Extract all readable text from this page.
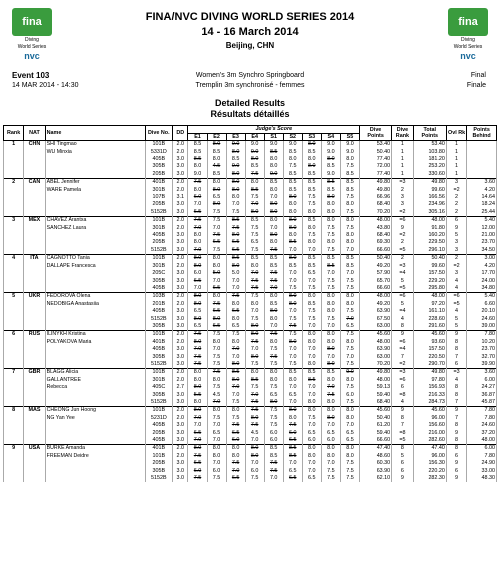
fina
Diving
World Series
nvc
fina
Diving
World Series
nvc
FINA/NVC DIVING WORLD SERIES 2014
14 - 16 March 2014
Beijing, CHN
Event 103
14 MAR 2014 - 14:30
Women's 3m Synchro Springboard
Tremplin 3m synchronisé - femmes
Final
Finale
Detailed Results
Résultats détaillés
Rank	NAT	Name	Dive No.	DD	Judge's Score									Dive Points	Dive Rank	Total Points	Ovl Rk	Points Behind
					E1	E2	E3	E4	S1	S2	S3	S4	S5					
1	CHN	SHI Tingmao	101B	2.0	8.5	8.0	9.0	9.0	9.0	9.0	8.0	9.0	9.0	53.40	1	53.40	1	
		WU Minxia	5331D	2.0	8.5	8.5	8.0	9.0	8.5	8.5	8.5	9.0	9.0	50.40	1	103.80	1	
			405B	3.0	8.5	8.0	8.5	8.0	8.0	8.0	8.0	8.0	8.0	77.40	1	181.20	1	
			305B	3.0	8.0	4.5	9.0	8.5	8.0	7.5	8.0	8.5	7.5	72.00	1	253.20	1	
			205B	3.0	9.0	8.5	8.0	7.5	9.0	8.5	8.5	9.0	8.5	77.40	1	330.60	1	
2	CAN	ABEL Jennifer	401B	2.0	7.5	8.0	8.0	8.0	8.5	8.5	8.5	8.5	8.5	49.80	=3	49.80	3	3.60
		WARE Pamela	301B	2.0	8.0	8.0	8.0	8.5	8.0	8.5	8.5	8.5	8.5	49.80	2	99.60	=2	4.20
			107B	3.1	6.0	6.5	8.0	7.5	7.0	8.0	7.5	8.0	7.5	66.96	3	166.56	2	14.64
			205B	3.0	7.0	8.0	7.0	7.0	8.0	8.0	7.5	8.0	8.0	68.40	3	234.96	2	18.24
			5152B	3.0	6.5	7.5	7.5	8.0	8.0	8.0	8.0	8.0	7.5	70.20	=2	305.16	2	25.44
3	MEX	CHAVEZ Arantxa	101B	2.0	7.5	7.5	8.5	8.5	8.0	8.0	8.5	8.0	8.0	48.00	=6	48.00	6	5.40
		SANCHEZ Laura	301B	2.0	7.0	7.0	7.5	7.5	7.0	8.0	8.0	7.5	7.5	43.80	9	91.80	9	12.00
			405B	3.0	8.0	7.5	8.0	7.5	8.0	8.0	7.5	7.5	8.0	68.40	=2	160.20	5	21.00
			205B	3.0	8.0	6.5	6.5	6.5	8.0	8.5	8.0	8.0	8.0	69.30	2	229.50	3	23.70
			5152B	3.0	7.0	7.5	6.5	7.5	7.5	7.0	7.0	7.5	7.0	66.60	=5	296.10	3	34.50
4	ITA	CAGNOTTO Tania	101B	2.0	8.0	8.0	8.5	8.5	8.5	8.0	8.5	8.5	8.5	50.40	2	50.40	2	3.00
		DALLAPE Francesca	301B	2.0	8.0	8.0	8.0	8.0	8.5	8.5	8.5	8.5	8.5	49.20	=3	99.60	=2	4.20
			205C	3.0	6.0	5.0	5.0	7.0	7.5	7.0	6.5	7.0	7.0	57.90	=4	157.50	3	17.70
			305B	3.0	6.5	7.0	7.0	7.5	7.5	7.0	7.0	7.5	7.5	65.70	5	229.20	4	24.00
			405B	3.0	7.0	6.5	7.0	7.5	7.0	7.5	7.5	7.5	7.5	66.60	=5	295.80	4	34.80
5	UKR	FEDOROVA Olena	103B	2.0	8.0	8.0	7.5	7.5	8.0	8.0	8.0	8.0	8.0	48.00	=6	48.00	=6	5.40
		NEDOBIGA Anastasiia	201B	2.0	8.0	7.5	8.0	8.0	8.5	8.0	8.5	8.0	8.0	49.20	5	97.20	=5	6.60
			405B	3.0	6.5	6.5	6.5	7.0	8.0	7.0	7.5	8.0	7.5	63.90	=4	161.10	4	20.10
			5152B	3.0	8.0	8.0	8.0	7.5	8.0	7.5	7.5	7.5	7.0	67.50	4	228.60	5	24.60
			305B	3.0	6.5	6.5	6.5	8.0	7.0	7.5	7.0	7.0	6.5	63.00	8	291.60	5	39.00
6	RUS	ILINYKH Kristina	101B	2.0	7.5	7.5	7.5	8.0	7.5	7.5	8.0	8.0	7.5	45.60	9	45.60	9	7.80
		POLYAKOVA Maria	401B	2.0	8.0	8.0	8.0	7.5	8.0	8.0	8.0	8.0	8.0	48.00	=6	93.60	8	10.20
			405B	3.0	7.0	7.0	7.0	7.0	7.5	7.0	7.0	8.0	7.5	63.90	=4	157.50	8	23.70
			305B	3.0	7.5	7.5	7.0	8.0	7.5	7.0	7.0	7.0	7.0	63.00	7	220.50	7	32.70
			5152B	3.0	7.5	7.5	8.0	7.5	7.5	7.5	8.0	8.0	7.5	70.20	=2	290.70	6	39.90
7	GBR	BLAGG Alicia	101B	2.0	8.0	7.5	8.5	8.0	8.0	8.5	8.5	8.5	9.0	49.80	=3	49.80	=3	3.60
		GALLANTREE	301B	2.0	8.0	8.0	8.0	8.5	8.0	8.0	8.5	8.0	8.0	48.00	=6	97.80	4	6.00
		Rebecca	405C	2.7	8.0	7.5	7.0	7.5	7.5	7.0	7.0	7.0	7.5	59.13	6	156.93	8	24.27
			305B	3.0	5.5	4.5	7.0	7.0	6.5	6.5	7.0	7.5	6.0	59.40	=8	216.33	8	36.87
			5152B	3.0	8.0	7.0	7.5	7.5	8.0	7.0	8.0	8.0	7.5	68.40	4	284.73	7	45.87
8	MAS	CHEONG Jun Hoong	101B	2.0	8.0	8.0	8.0	7.5	7.5	8.0	8.0	8.0	8.0	45.60	9	45.60	9	7.80
		NG Yan Yee	5231D	2.0	7.0	7.5	7.5	8.0	7.5	8.0	7.5	8.0	8.0	50.40	8	96.00	7	7.80
			405B	3.0	7.0	7.0	7.5	7.5	7.5	7.5	7.0	7.0	7.0	61.20	7	156.60	8	24.60
			205B	3.0	6.5	6.5	6.5	4.5	6.0	6.0	6.5	6.5	6.5	59.40	=8	216.00	9	37.20
			405B	3.0	7.0	7.0	6.0	7.0	6.0	6.5	6.0	6.0	6.5	66.60	=5	282.60	8	48.00
9	USA	BURKE Amanda	401B	2.0	8.0	8.0	8.0	8.0	8.5	8.5	8.0	8.0	8.0	47.40	8	47.40	8	6.00
		FREEMAN Deidre	101B	2.0	7.5	8.0	8.0	8.0	8.5	8.5	8.0	8.0	8.0	48.60	5	96.00	6	7.80
			205B	3.0	6.5	7.0	7.5	7.0	7.5	7.0	7.0	7.0	7.5	60.30	6	156.30	9	24.90
			305B	3.0	6.0	6.0	7.0	6.0	7.5	6.5	7.0	7.5	7.5	63.90	6	220.20	6	33.00
			5152B	3.0	7.5	7.5	6.5	7.5	7.0	6.5	6.5	7.5	7.5	62.10	9	282.30	9	48.30
